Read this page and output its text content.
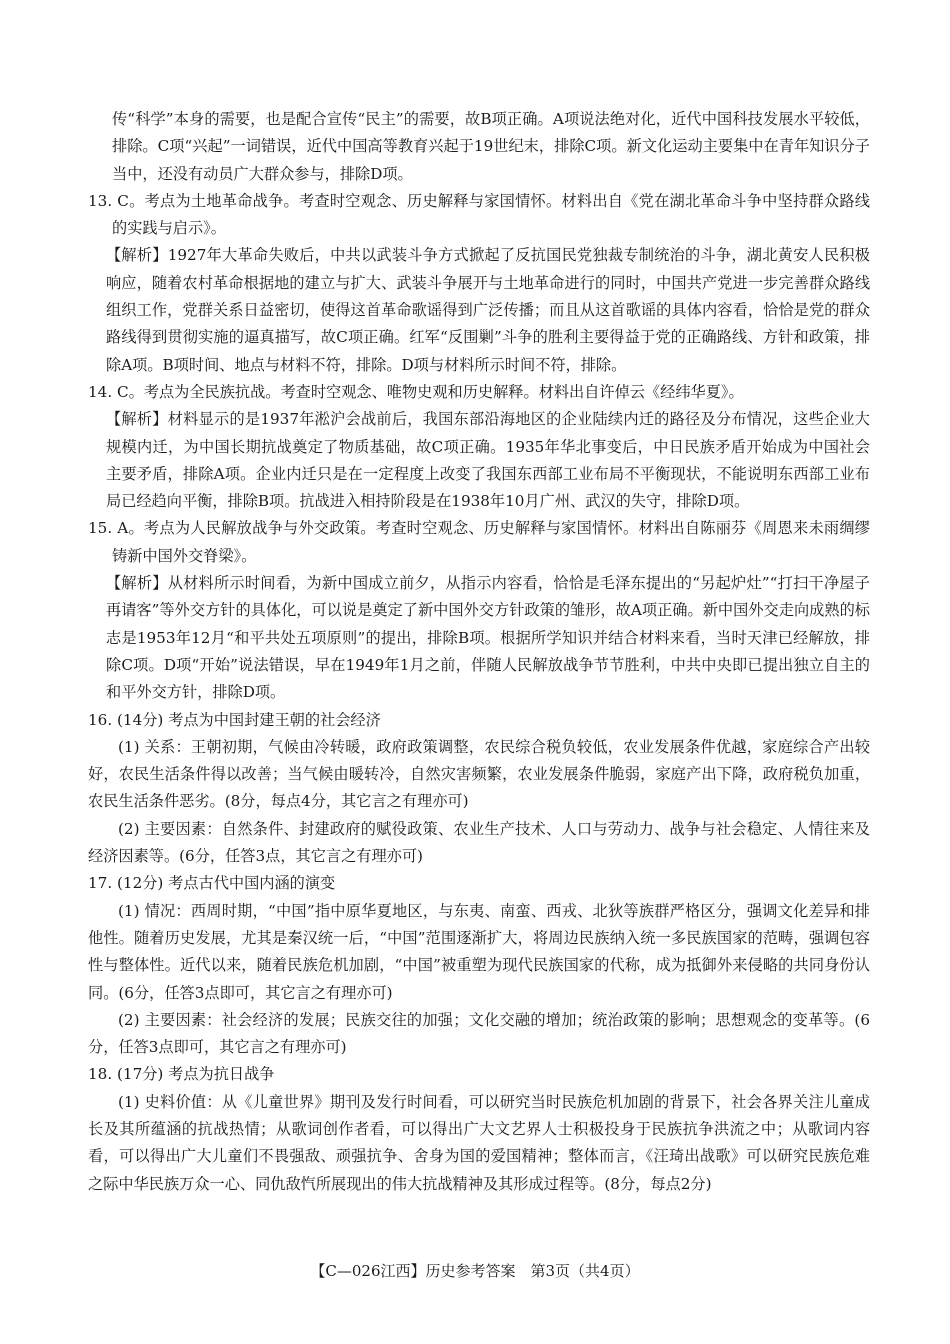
传“科学”本身的需要，也是配合宣传“民主”的需要，故B项正确。A项说法绝对化，近代中国科技发展水平较低，排除。C项“兴起”一词错误，近代中国高等教育兴起于19世纪末，排除C项。新文化运动主要集中在青年知识分子当中，还没有动员广大群众参与，排除D项。

13. C。考点为土地革命战争。考查时空观念、历史解释与家国情怀。材料出自《党在湖北革命斗争中坚持群众路线的实践与启示》。

【解析】1927年大革命失败后，中共以武装斗争方式掀起了反抗国民党独裁专制统治的斗争，湖北黄安人民积极响应，随着农村革命根据地的建立与扩大、武装斗争展开与土地革命进行的同时，中国共产党进一步完善群众路线组织工作，党群关系日益密切，使得这首革命歌谣得到广泛传播；而且从这首歌谣的具体内容看，恰恰是党的群众路线得到贯彻实施的逼真描写，故C项正确。红军“反围剿”斗争的胜利主要得益于党的正确路线、方针和政策，排除A项。B项时间、地点与材料不符，排除。D项与材料所示时间不符，排除。

14. C。考点为全民族抗战。考查时空观念、唯物史观和历史解释。材料出自许倬云《经纬华夏》。

【解析】材料显示的是1937年淞沪会战前后，我国东部沿海地区的企业陆续内迁的路径及分布情况，这些企业大规模内迁，为中国长期抗战奠定了物质基础，故C项正确。1935年华北事变后，中日民族矛盾开始成为中国社会主要矛盾，排除A项。企业内迁只是在一定程度上改变了我国东西部工业布局不平衡现状，不能说明东西部工业布局已经趋向平衡，排除B项。抗战进入相持阶段是在1938年10月广州、武汉的失守，排除D项。

15. A。考点为人民解放战争与外交政策。考查时空观念、历史解释与家国情怀。材料出自陈丽芬《周恩来未雨绸缪铸新中国外交脊梁》。

【解析】从材料所示时间看，为新中国成立前夕，从指示内容看，恰恰是毛泽东提出的“另起炉灶”“打扫干净屋子再请客”等外交方针的具体化，可以说是奠定了新中国外交方针政策的雏形，故A项正确。新中国外交走向成熟的标志是1953年12月“和平共处五项原则”的提出，排除B项。根据所学知识并结合材料来看，当时天津已经解放，排除C项。D项“开始”说法错误，早在1949年1月之前，伴随人民解放战争节节胜利，中共中央即已提出独立自主的和平外交方针，排除D项。

16. (14分) 考点为中国封建王朝的社会经济

(1) 关系：王朝初期，气候由冷转暖，政府政策调整，农民综合税负较低，农业发展条件优越，家庭综合产出较好，农民生活条件得以改善；当气候由暖转冷，自然灾害频繁，农业发展条件脆弱，家庭产出下降，政府税负加重，农民生活条件恶劣。(8分，每点4分，其它言之有理亦可)

(2) 主要因素：自然条件、封建政府的赋役政策、农业生产技术、人口与劳动力、战争与社会稳定、人情往来及经济因素等。(6分，任答3点，其它言之有理亦可)

17. (12分) 考点古代中国内涵的演变

(1) 情况：西周时期，“中国”指中原华夏地区，与东夷、南蛮、西戎、北狄等族群严格区分，强调文化差异和排他性。随着历史发展，尤其是秦汉统一后，“中国”范围逐渐扩大，将周边民族纳入统一多民族国家的范畴，强调包容性与整体性。近代以来，随着民族危机加剧，“中国”被重塑为现代民族国家的代称，成为抵御外来侵略的共同身份认同。(6分，任答3点即可，其它言之有理亦可)

(2) 主要因素：社会经济的发展；民族交往的加强；文化交融的增加；统治政策的影响；思想观念的变革等。(6分，任答3点即可，其它言之有理亦可)

18. (17分) 考点为抗日战争

(1) 史料价值：从《儿童世界》期刊及发行时间看，可以研究当时民族危机加剧的背景下，社会各界关注儿童成长及其所蕴涵的抗战热情；从歌词创作者看，可以得出广大文艺界人士积极投身于民族抗争洪流之中；从歌词内容看，可以得出广大儿童们不畏强敌、顽强抗争、舍身为国的爱国精神；整体而言，《汪琦出战歌》可以研究民族危难之际中华民族万众一心、同仇敌忾所展现出的伟大抗战精神及其形成过程等。(8分，每点2分)

【C—026江西】历史参考答案　第3页（共4页）
